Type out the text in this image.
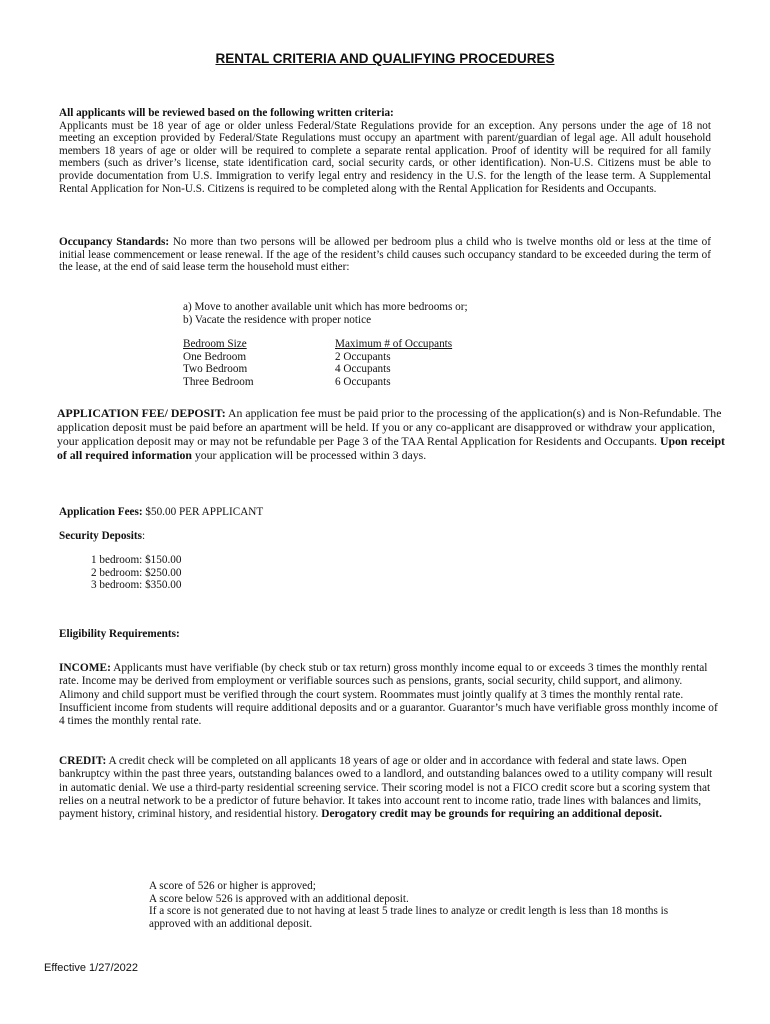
RENTAL CRITERIA AND QUALIFYING PROCEDURES

All applicants will be reviewed based on the following written criteria:

Applicants must be 18 year of age or older unless Federal/State Regulations provide for an exception. Any persons under the age of 18 not meeting an exception provided by Federal/State Regulations must occupy an apartment with parent/guardian of legal age. All adult household members 18 years of age or older will be required to complete a separate rental application. Proof of identity will be required for all family members (such as driver’s license, state identification card, social security cards, or other identification). Non-U.S. Citizens must be able to provide documentation from U.S. Immigration to verify legal entry and residency in the U.S. for the length of the lease term. A Supplemental Rental Application for Non-U.S. Citizens is required to be completed along with the Rental Application for Residents and Occupants.

Occupancy Standards: No more than two persons will be allowed per bedroom plus a child who is twelve months old or less at the time of initial lease commencement or lease renewal. If the age of the resident’s child causes such occupancy standard to be exceeded during the term of the lease, at the end of said lease term the household must either:

a) Move to another available unit which has more bedrooms or;

b) Vacate the residence with proper notice

Bedroom Size	Maximum # of Occupants
One Bedroom	2 Occupants
Two Bedroom	4 Occupants
Three Bedroom	6 Occupants

APPLICATION FEE/ DEPOSIT: An application fee must be paid prior to the processing of the application(s) and is Non-Refundable. The application deposit must be paid before an apartment will be held. If you or any co-applicant are disapproved or withdraw your application, your application deposit may or may not be refundable per Page 3 of the TAA Rental Application for Residents and Occupants. Upon receipt of all required information your application will be processed within 3 days.

Application Fees: $50.00 PER APPLICANT

Security Deposits:

1 bedroom: $150.00

2 bedroom: $250.00

3 bedroom: $350.00

Eligibility Requirements:

INCOME: Applicants must have verifiable (by check stub or tax return) gross monthly income equal to or exceeds 3 times the monthly rental rate. Income may be derived from employment or verifiable sources such as pensions, grants, social security, child support, and alimony. Alimony and child support must be verified through the court system. Roommates must jointly qualify at 3 times the monthly rental rate. Insufficient income from students will require additional deposits and or a guarantor. Guarantor’s much have verifiable gross monthly income of 4 times the monthly rental rate.

CREDIT: A credit check will be completed on all applicants 18 years of age or older and in accordance with federal and state laws. Open bankruptcy within the past three years, outstanding balances owed to a landlord, and outstanding balances owed to a utility company will result in automatic denial. We use a third-party residential screening service. Their scoring model is not a FICO credit score but a scoring system that relies on a neutral network to be a predictor of future behavior. It takes into account rent to income ratio, trade lines with balances and limits, payment history, criminal history, and residential history. Derogatory credit may be grounds for requiring an additional deposit.

A score of 526 or higher is approved;

A score below 526 is approved with an additional deposit.

If a score is not generated due to not having at least 5 trade lines to analyze or credit length is less than 18 months is approved with an additional deposit.

Effective 1/27/2022
